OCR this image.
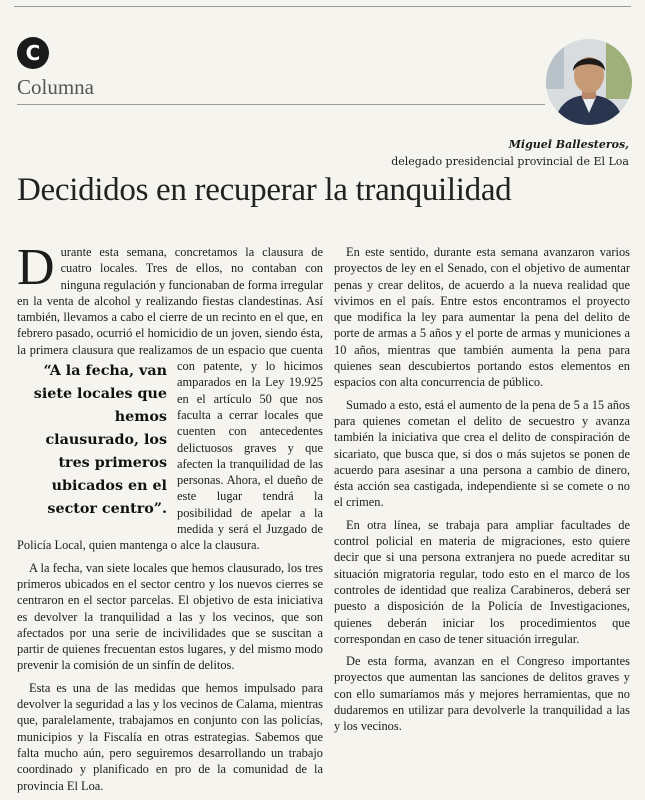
C
Columna
Miguel Ballesteros,
delegado presidencial provincial de El Loa
Decididos en recuperar la tranquilidad

Durante esta semana, concretamos la clausura de cuatro locales. Tres de ellos, no contaban con ninguna regulación y funcionaban de forma irregular en la venta de alcohol y realizando fiestas clandestinas. Así también, llevamos a cabo el cierre de un recinto en el que, en febrero pasado, ocurrió el homicidio de un joven, siendo ésta, la primera clausura que realizamos de un espacio que
“A la fecha, van siete locales que hemos clausurado, los tres primeros ubicados en el sector centro”.
cuenta con patente, y lo hicimos amparados en la Ley 19.925 en el artículo 50 que nos faculta a cerrar locales que cuenten con antecedentes delictuosos graves y que afecten la tranquilidad de las personas. Ahora, el dueño de este lugar tendrá la posibilidad de apelar a la medida y será el Juzgado de Policía Local, quien mantenga o alce la clausura.

A la fecha, van siete locales que hemos clausurado, los tres primeros ubicados en el sector centro y los nuevos cierres se centraron en el sector parcelas. El objetivo de esta iniciativa es devolver la tranquilidad a las y los vecinos, que son afectados por una serie de incivilidades que se suscitan a partir de quienes frecuentan estos lugares, y del mismo modo prevenir la comisión de un sinfín de delitos.

Esta es una de las medidas que hemos impulsado para devolver la seguridad a las y los vecinos de Calama, mientras que, paralelamente, trabajamos en conjunto con las policías, municipios y la Fiscalía en otras estrategias. Sabemos que falta mucho aún, pero seguiremos desarrollando un trabajo coordinado y planificado en pro de la comunidad de la provincia El Loa.

En este sentido, durante esta semana avanzaron varios proyectos de ley en el Senado, con el objetivo de aumentar penas y crear delitos, de acuerdo a la nueva realidad que vivimos en el país. Entre estos encontramos el proyecto que modifica la ley para aumentar la pena del delito de porte de armas a 5 años y el porte de armas y municiones a 10 años, mientras que también aumenta la pena para quienes sean descubiertos portando estos elementos en espacios con alta concurrencia de público.

Sumado a esto, está el aumento de la pena de 5 a 15 años para quienes cometan el delito de secuestro y avanza también la iniciativa que crea el delito de conspiración de sicariato, que busca que, si dos o más sujetos se ponen de acuerdo para asesinar a una persona a cambio de dinero, ésta acción sea castigada, independiente si se comete o no el crimen.

En otra línea, se trabaja para ampliar facultades de control policial en materia de migraciones, esto quiere decir que si una persona extranjera no puede acreditar su situación migratoria regular, todo esto en el marco de los controles de identidad que realiza Carabineros, deberá ser puesto a disposición de la Policía de Investigaciones, quienes deberán iniciar los procedimientos que correspondan en caso de tener situación irregular.

De esta forma, avanzan en el Congreso importantes proyectos que aumentan las sanciones de delitos graves y con ello sumaríamos más y mejores herramientas, que no dudaremos en utilizar para devolverle la tranquilidad a las y los vecinos.
